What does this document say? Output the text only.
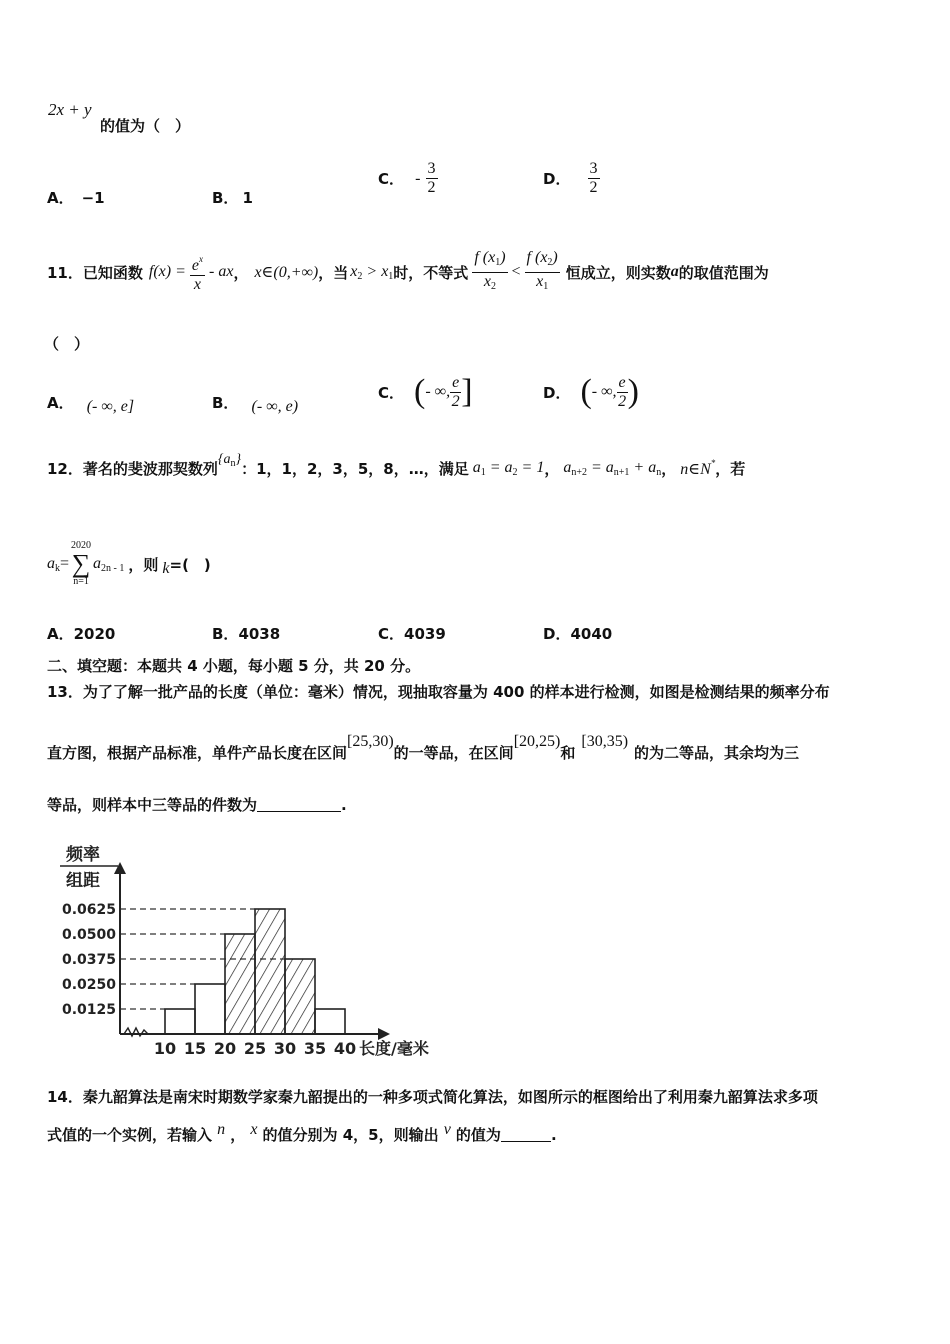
2x + y
的值为（　）
A． −1	B． 1
C． - $\frac{3}{2}$	D． $\frac{3}{2}$
11． 已知函数 $f(x) = \frac{e^x}{x}$ - ax ， x∈(0,+∞) ，当 $x_2 > x_1$ 时，不等式 $\frac{f (x_1)}{x_2} < \frac{f (x_2)}{x_1}$ 恒成立，则实数 a 的取值范围为
（　）
A． (- ∞, e]	B． (- ∞, e)
C． ( - ∞, $\frac{e}{2}$ ]	D． ( - ∞, $\frac{e}{2}$ )
12． 著名的斐波那契数列
$\{a_n\}$
：1，1，2，3，5，8，…，满足 $a_1 = a_2 = 1$ ， $a_{n+2} = a_{n+1} + a_n$ ， n∈N* ，若
$a_k$ =
2020
∑
n=1
$a_{2n - 1}$ ，则 k =(　)
A．2020	B．4038	C．4039	D．4040
二、填空题：本题共 4 小题，每小题 5 分，共 20 分。
13．为了了解一批产品的长度（单位：毫米）情况，现抽取容量为 400 的样本进行检测，如图是检测结果的频率分布
直方图，根据产品标准，单件产品长度在区间
[25,30)
的一等品，在区间
[20,25)
和
[30,35)
的为二等品，其余均为三
等品，则样本中三等品的件数为	.
频率
组距
0.0125
0.0250
0.0375
0.0500
0.0625
10 15 20 25 30 35 40 长度/毫米
14．秦九韶算法是南宋时期数学家秦九韶提出的一种多项式简化算法，如图所示的框图给出了利用秦九韶算法求多项
式值的一个实例，若输入 n ， x 的值分别为 4，5，则输出 v 的值为	.
